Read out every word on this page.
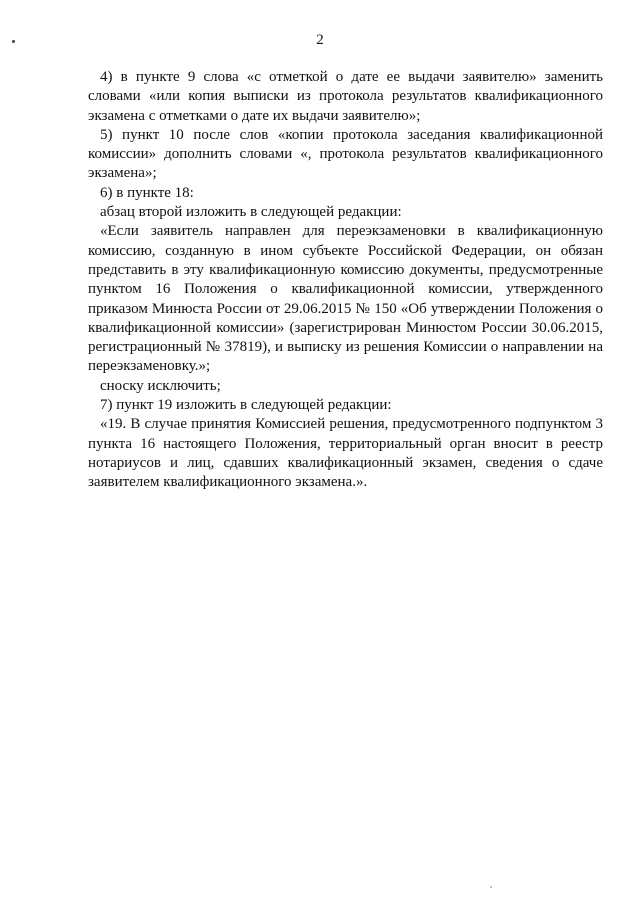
2

4) в пункте 9 слова «с отметкой о дате ее выдачи заявителю» заменить словами «или копия выписки из протокола результатов квалификационного экзамена с отметками о дате их выдачи заявителю»;

5) пункт 10 после слов «копии протокола заседания квалификационной комиссии» дополнить словами «, протокола результатов квалификационного экзамена»;

6) в пункте 18:

абзац второй изложить в следующей редакции:

«Если заявитель направлен для переэкзаменовки в квалификационную комиссию, созданную в ином субъекте Российской Федерации, он обязан представить в эту квалификационную комиссию документы, предусмотренные пунктом 16 Положения о квалификационной комиссии, утвержденного приказом Минюста России от 29.06.2015 № 150 «Об утверждении Положения о квалификационной комиссии» (зарегистрирован Минюстом России 30.06.2015, регистрационный № 37819), и выписку из решения Комиссии о направлении на переэкзаменовку.»;

сноску исключить;

7) пункт 19 изложить в следующей редакции:

«19. В случае принятия Комиссией решения, предусмотренного подпунктом 3 пункта 16 настоящего Положения, территориальный орган вносит в реестр нотариусов и лиц, сдавших квалификационный экзамен, сведения о сдаче заявителем квалификационного экзамена.».
